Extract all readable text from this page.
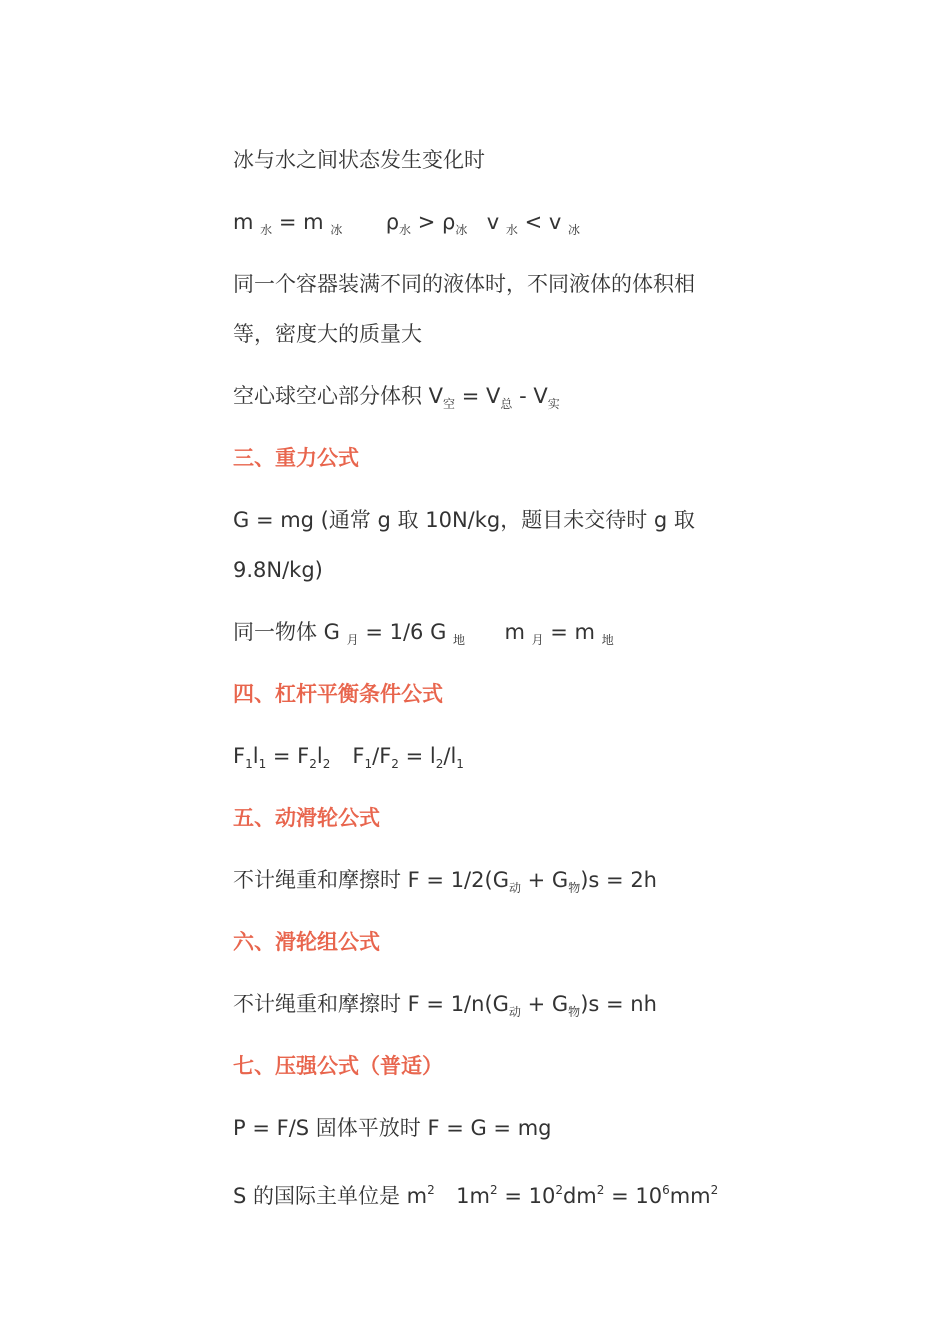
冰与水之间状态发生变化时
m $_水$ = m $_冰$ $\rho_水 > \rho_冰$ v $_水$ < v $_冰$
同一个容器装满不同的液体时，不同液体的体积相
等，密度大的质量大
空心球空心部分体积 $V_空 = V_总 - V_实$
三、重力公式
G = mg (通常 g 取 10N/kg，题目未交待时 g 取
9.8N/kg)
同一物体 G $_月$ = 1/6 G $_地$ m $_月$ = m $_地$
四、杠杆平衡条件公式
$F_1l_1 = F_2l_2$ $F_1/F_2 = l_2/l_1$
五、动滑轮公式
不计绳重和摩擦时 $F = 1/2(G_动 + G_物)s = 2h$
六、滑轮组公式
不计绳重和摩擦时 $F = 1/n(G_动 + G_物)s$ = nh
七、压强公式（普适）
P = F/S 固体平放时 F = G = mg
S 的国际主单位是 $m^2$ $1m^2 = 10^2dm^2 = 10^6mm^2$
